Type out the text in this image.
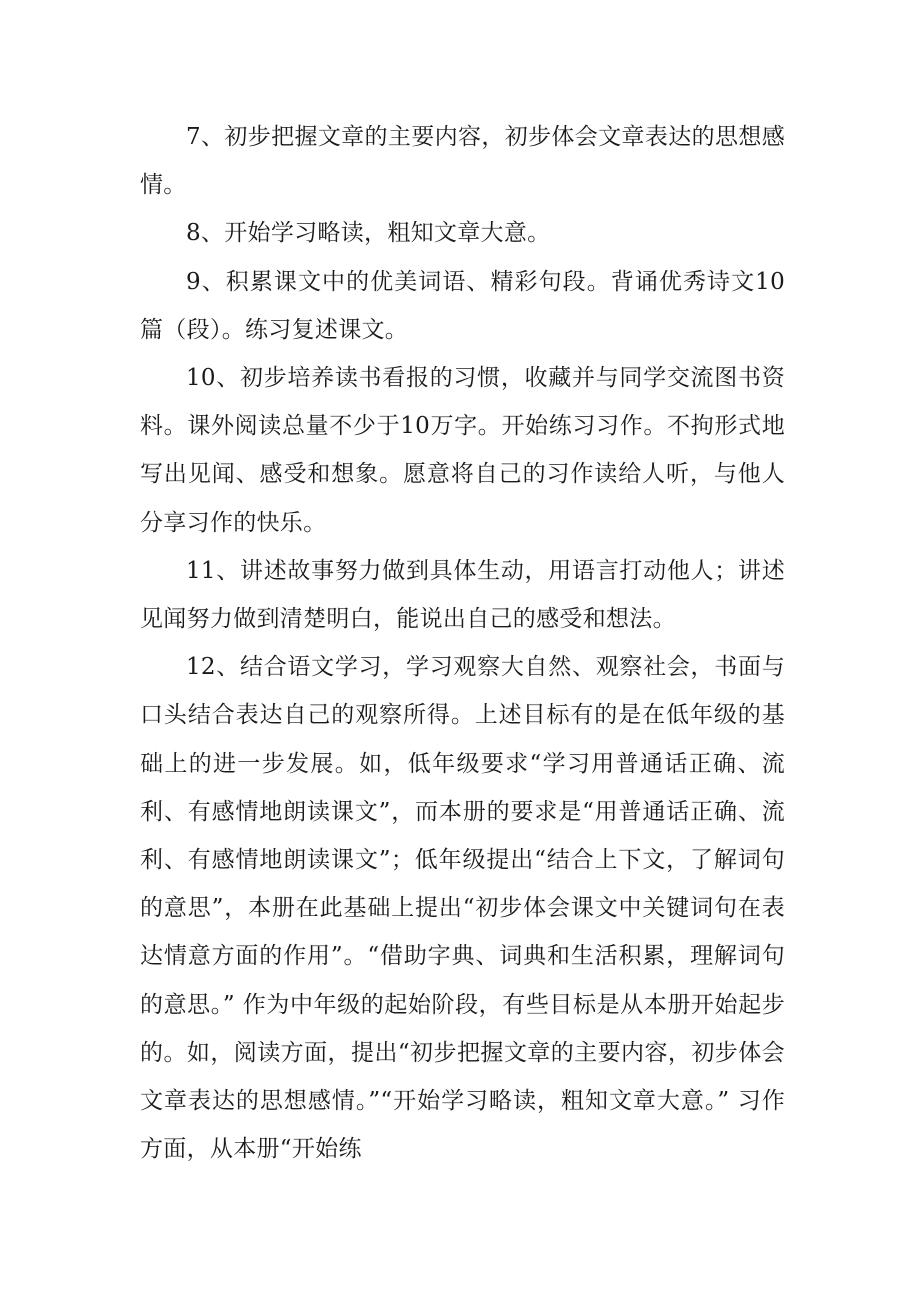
7、初步把握文章的主要内容，初步体会文章表达的思想感情。

8、开始学习略读，粗知文章大意。

9、积累课文中的优美词语、精彩句段。背诵优秀诗文10篇（段）。练习复述课文。

10、初步培养读书看报的习惯，收藏并与同学交流图书资料。课外阅读总量不少于10万字。开始练习习作。不拘形式地写出见闻、感受和想象。愿意将自己的习作读给人听，与他人分享习作的快乐。

11、讲述故事努力做到具体生动，用语言打动他人；讲述见闻努力做到清楚明白，能说出自己的感受和想法。

12、结合语文学习，学习观察大自然、观察社会，书面与口头结合表达自己的观察所得。上述目标有的是在低年级的基础上的进一步发展。如，低年级要求“学习用普通话正确、流利、有感情地朗读课文”，而本册的要求是“用普通话正确、流利、有感情地朗读课文”；低年级提出“结合上下文，了解词句的意思”，本册在此基础上提出“初步体会课文中关键词句在表达情意方面的作用”。“借助字典、词典和生活积累，理解词句的意思。” 作为中年级的起始阶段，有些目标是从本册开始起步的。如，阅读方面，提出“初步把握文章的主要内容，初步体会文章表达的思想感情。”“开始学习略读，粗知文章大意。” 习作方面，从本册“开始练
